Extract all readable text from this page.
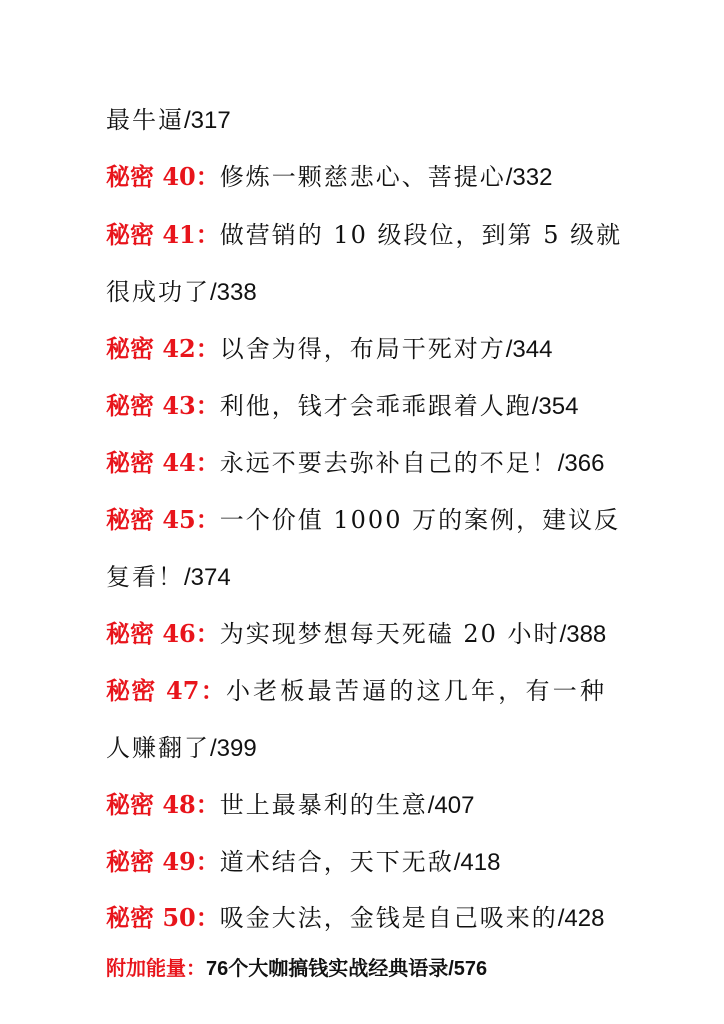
最牛逼/317
秘密 40：修炼一颗慈悲心、菩提心/332
秘密 41：做营销的 10 级段位，到第 5 级就
很成功了/338
秘密 42：以舍为得，布局干死对方/344
秘密 43：利他，钱才会乖乖跟着人跑/354
秘密 44：永远不要去弥补自己的不足！/366
秘密 45：一个价值 1000 万的案例，建议反
复看！/374
秘密 46：为实现梦想每天死磕 20 小时/388
秘密 47：小老板最苦逼的这几年，有一种
人赚翻了/399
秘密 48：世上最暴利的生意/407
秘密 49：道术结合，天下无敌/418
秘密 50：吸金大法，金钱是自己吸来的/428
附加能量：76个大咖搞钱实战经典语录/576
